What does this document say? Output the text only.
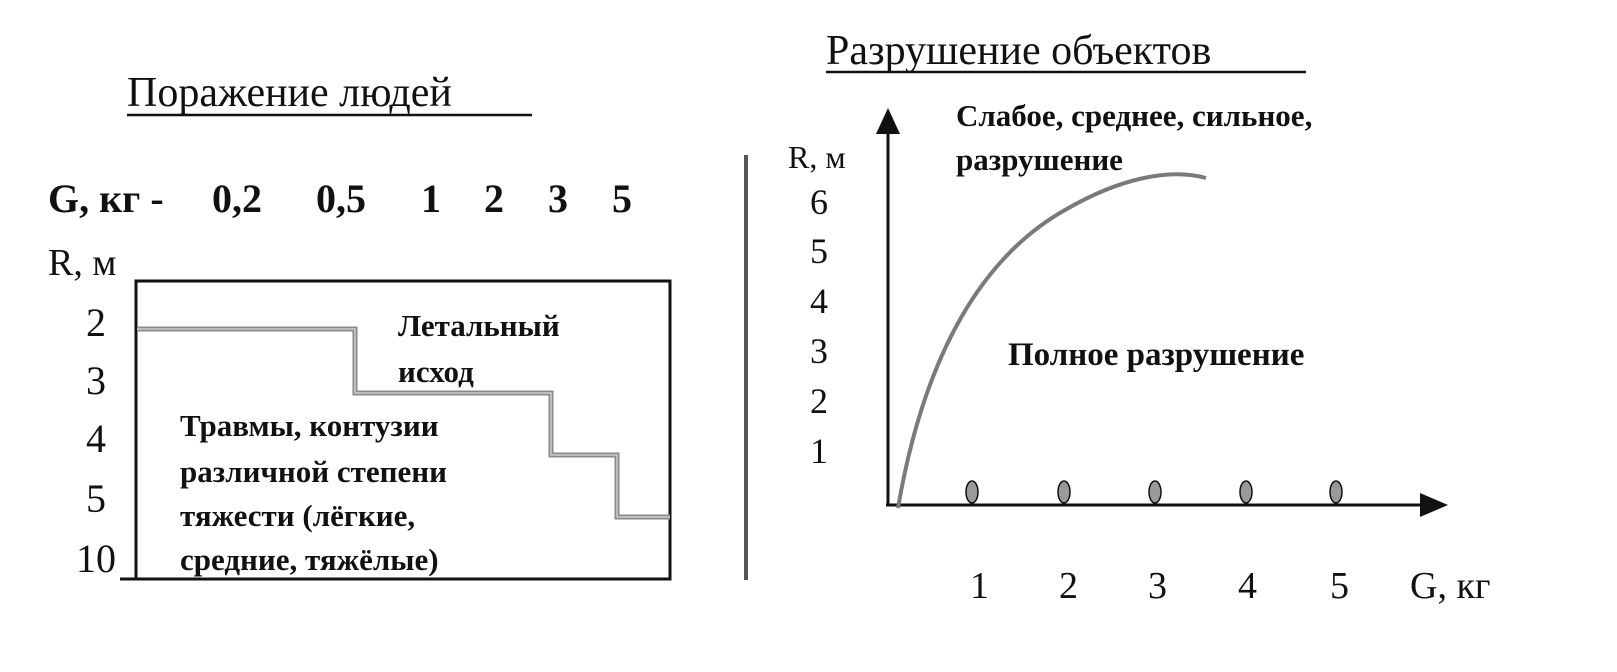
Поражение людей
G, кг - 0,2 0,5 1 2 3 5
R, м
2
3
4
5
10
Летальный
исход
Травмы, контузии
различной степени
тяжести (лёгкие,
средние, тяжёлые)
Разрушение объектов
R, м
1
2
3
4
5
6
1 2 3 4 5 G, кг
Слабое, среднее, сильное,
разрушение
Полное разрушение
